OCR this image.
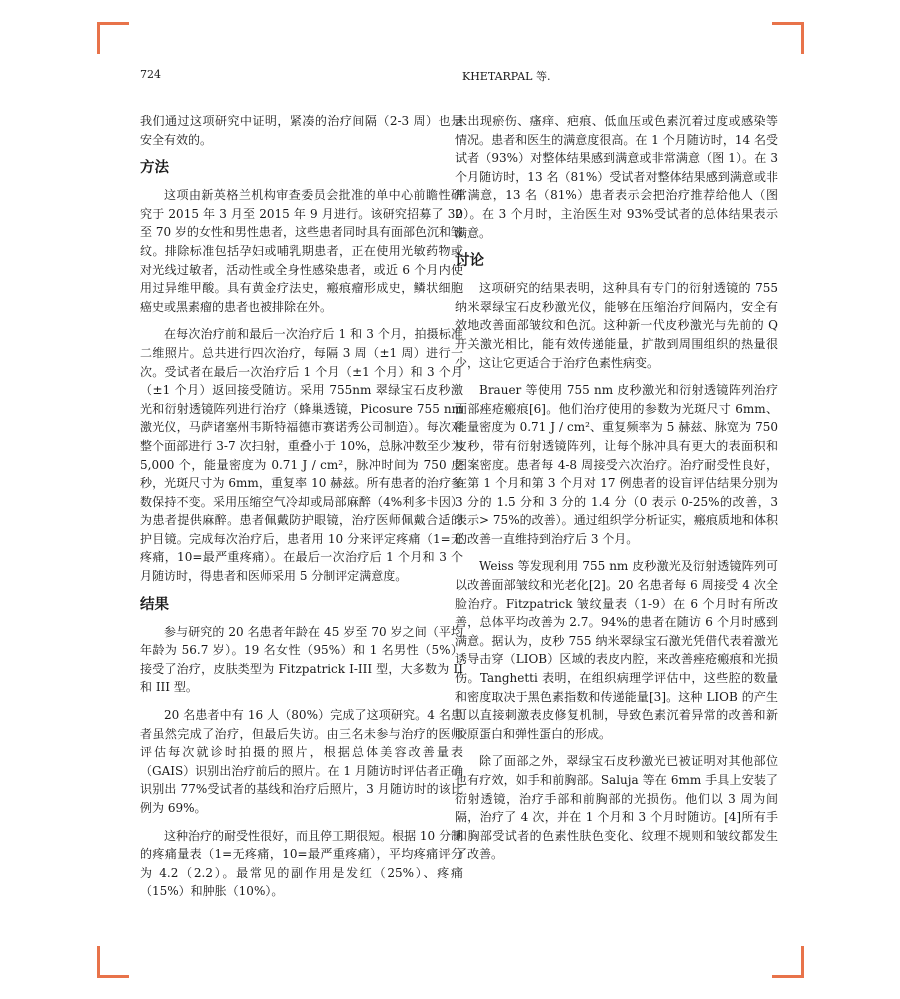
724	KHETARPAL 等.

我们通过这项研究中证明，紧凑的治疗间隔（2-3 周）也是安全有效的。

方法

这项由新英格兰机构审查委员会批准的单中心前瞻性研究于 2015 年 3 月至 2015 年 9 月进行。该研究招募了 30 至 70 岁的女性和男性患者，这些患者同时具有面部色沉和皱纹。排除标准包括孕妇或哺乳期患者，正在使用光敏药物或对光线过敏者，活动性或全身性感染患者，或近 6 个月内使用过异维甲酸。具有黄金疗法史，瘢痕瘤形成史，鳞状细胞癌史或黑素瘤的患者也被排除在外。

在每次治疗前和最后一次治疗后 1 和 3 个月，拍摄标准二维照片。总共进行四次治疗，每隔 3 周（±1 周）进行一次。受试者在最后一次治疗后 1 个月（±1 个月）和 3 个月（±1 个月）返回接受随访。采用 755nm 翠绿宝石皮秒激光和衍射透镜阵列进行治疗（蜂巢透镜，Picosure 755 nm 激光仪，马萨诸塞州韦斯特福德市赛诺秀公司制造）。每次对整个面部进行 3-7 次扫射，重叠小于 10%，总脉冲数至少为 5,000 个，能量密度为 0.71 J / cm²，脉冲时间为 750 皮秒，光斑尺寸为 6mm，重复率 10 赫兹。所有患者的治疗参数保持不变。采用压缩空气冷却或局部麻醉（4%利多卡因）为患者提供麻醉。患者佩戴防护眼镜，治疗医师佩戴合适的护目镜。完成每次治疗后，患者用 10 分来评定疼痛（1=无疼痛，10=最严重疼痛）。在最后一次治疗后 1 个月和 3 个月随访时，得患者和医师采用 5 分制评定满意度。

结果

参与研究的 20 名患者年龄在 45 岁至 70 岁之间（平均年龄为 56.7 岁）。19 名女性（95%）和 1 名男性（5%）接受了治疗，皮肤类型为 Fitzpatrick I-III 型，大多数为 II 和 III 型。

20 名患者中有 16 人（80%）完成了这项研究。4 名患者虽然完成了治疗，但最后失访。由三名未参与治疗的医师评估每次就诊时拍摄的照片，根据总体美容改善量表（GAIS）识别出治疗前后的照片。在 1 月随访时评估者正确识别出 77%受试者的基线和治疗后照片，3 月随访时的该比例为 69%。

这种治疗的耐受性很好，而且停工期很短。根据 10 分制的疼痛量表（1=无疼痛，10=最严重疼痛），平均疼痛评分为 4.2（2.2）。最常见的副作用是发红（25%）、疼痛（15%）和肿胀（10%）。

未出现瘀伤、瘙痒、疤痕、低血压或色素沉着过度或感染等情况。患者和医生的满意度很高。在 1 个月随访时，14 名受试者（93%）对整体结果感到满意或非常满意（图 1）。在 3 个月随访时，13 名（81%）受试者对整体结果感到满意或非常满意，13 名（81%）患者表示会把治疗推荐给他人（图 2）。在 3 个月时，主治医生对 93%受试者的总体结果表示满意。

讨论

这项研究的结果表明，这种具有专门的衍射透镜的 755 纳米翠绿宝石皮秒激光仪，能够在压缩治疗间隔内，安全有效地改善面部皱纹和色沉。这种新一代皮秒激光与先前的 Q 开关激光相比，能有效传递能量，扩散到周围组织的热量很少，这让它更适合于治疗色素性病变。

Brauer 等使用 755 nm 皮秒激光和衍射透镜阵列治疗面部痤疮瘢痕[6]。他们治疗使用的参数为光斑尺寸 6mm、能量密度为 0.71 J / cm²、重复频率为 5 赫兹、脉宽为 750 皮秒，带有衍射透镜阵列，让每个脉冲具有更大的表面积和图案密度。患者每 4-8 周接受六次治疗。治疗耐受性良好，在第 1 个月和第 3 个月对 17 例患者的设盲评估结果分别为 3 分的 1.5 分和 3 分的 1.4 分（0 表示 0-25%的改善，3 表示> 75%的改善）。通过组织学分析证实，瘢痕质地和体积的改善一直维持到治疗后 3 个月。

Weiss 等发现利用 755 nm 皮秒激光及衍射透镜阵列可以改善面部皱纹和光老化[2]。20 名患者每 6 周接受 4 次全脸治疗。Fitzpatrick 皱纹量表（1-9）在 6 个月时有所改善，总体平均改善为 2.7。94%的患者在随访 6 个月时感到满意。据认为，皮秒 755 纳米翠绿宝石激光凭借代表着激光诱导击穿（LIOB）区域的表皮内腔，来改善痤疮瘢痕和光损伤。Tanghetti 表明，在组织病理学评估中，这些腔的数量和密度取决于黑色素指数和传递能量[3]。这种 LIOB 的产生可以直接刺激表皮修复机制，导致色素沉着异常的改善和新胶原蛋白和弹性蛋白的形成。

除了面部之外，翠绿宝石皮秒激光已被证明对其他部位也有疗效，如手和前胸部。Saluja 等在 6mm 手具上安装了衍射透镜，治疗手部和前胸部的光损伤。他们以 3 周为间隔，治疗了 4 次，并在 1 个月和 3 个月时随访。[4]所有手和胸部受试者的色素性肤色变化、纹理不规则和皱纹都发生了改善。
